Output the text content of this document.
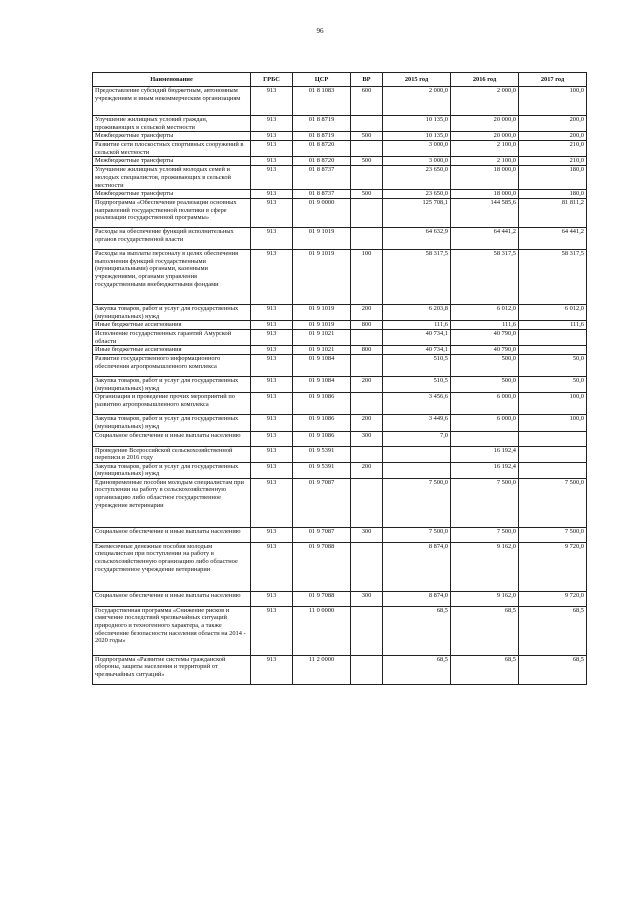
96
Наименование	ГРБС	ЦСР	ВР	2015 год	2016 год	2017 год
Предоставление субсидий бюджетным, автономным учреждениям и иным некоммерческим организациям	913	01 8 1083	600	2 000,0	2 000,0	100,0
Улучшение жилищных условий граждан, проживающих в сельской местности	913	01 8 8719		10 135,0	20 000,0	200,0
Межбюджетные трансферты	913	01 8 8719	500	10 135,0	20 000,0	200,0
Развитие сети плоскостных спортивных сооружений в сельской местности	913	01 8 8720		3 000,0	2 100,0	210,0
Межбюджетные трансферты	913	01 8 8720	500	3 000,0	2 100,0	210,0
Улучшение жилищных условий молодых семей и молодых специалистов, проживающих в сельской местности	913	01 8 8737		23 650,0	18 000,0	180,0
Межбюджетные трансферты	913	01 8 8737	500	23 650,0	18 000,0	180,0
Подпрограмма «Обеспечение реализации основных направлений государственной политики в сфере реализации государственной программы»	913	01 9 0000		125 708,1	144 585,6	81 811,2
Расходы на обеспечение функций исполнительных органов государственной власти	913	01 9 1019		64 632,9	64 441,2	64 441,2
Расходы на выплаты персоналу в целях обеспечения выполнения функций государственными (муниципальными) органами, казенными учреждениями, органами управления государственными внебюджетными фондами	913	01 9 1019	100	58 317,5	58 317,5	58 317,5
Закупка товаров, работ и услуг для государственных (муниципальных) нужд	913	01 9 1019	200	6 203,8	6 012,0	6 012,0
Иные бюджетные ассигнования	913	01 9 1019	800	111,6	111,6	111,6
Исполнение государственных гарантий Амурской области	913	01 9 1021		40 734,1	40 790,0	
Иные бюджетные ассигнования	913	01 9 1021	800	40 734,1	40 790,0	
Развитие государственного информационного обеспечения агропромышленного комплекса	913	01 9 1084		510,5	500,0	50,0
Закупка товаров, работ и услуг для государственных (муниципальных) нужд	913	01 9 1084	200	510,5	500,0	50,0
Организация и проведение прочих мероприятий по развитию агропромышленного комплекса	913	01 9 1086		3 456,6	6 000,0	100,0
Закупка товаров, работ и услуг для государственных (муниципальных) нужд	913	01 9 1086	200	3 449,6	6 000,0	100,0
Социальное обеспечение и иные выплаты населению	913	01 9 1086	300	7,0		
Проведение Всероссийской сельскохозяйственной переписи в 2016 году	913	01 9 5391			16 192,4	
Закупка товаров, работ и услуг для государственных (муниципальных) нужд	913	01 9 5391	200		16 192,4	
Единовременные пособия молодым специалистам при поступлении на работу в сельскохозяйственную организацию либо областное государственное учреждение ветеринарии	913	01 9 7087		7 500,0	7 500,0	7 500,0
Социальное обеспечение и иные выплаты населению	913	01 9 7087	300	7 500,0	7 500,0	7 500,0
Ежемесячные денежные пособия молодым специалистам при поступлении на работу в сельскохозяйственную организацию либо областное государственное учреждение ветеринарии	913	01 9 7088		8 874,0	9 162,0	9 720,0
Социальное обеспечение и иные выплаты населению	913	01 9 7088	300	8 874,0	9 162,0	9 720,0
Государственная программа «Снижение рисков и смягчение последствий чрезвычайных ситуаций природного и техногенного характера, а также обеспечение безопасности населения области на 2014 - 2020 годы»	913	11 0 0000		68,5	68,5	68,5
Подпрограмма «Развитие системы гражданской обороны, защиты населения и территорий от чрезвычайных ситуаций»	913	11 2 0000		68,5	68,5	68,5
